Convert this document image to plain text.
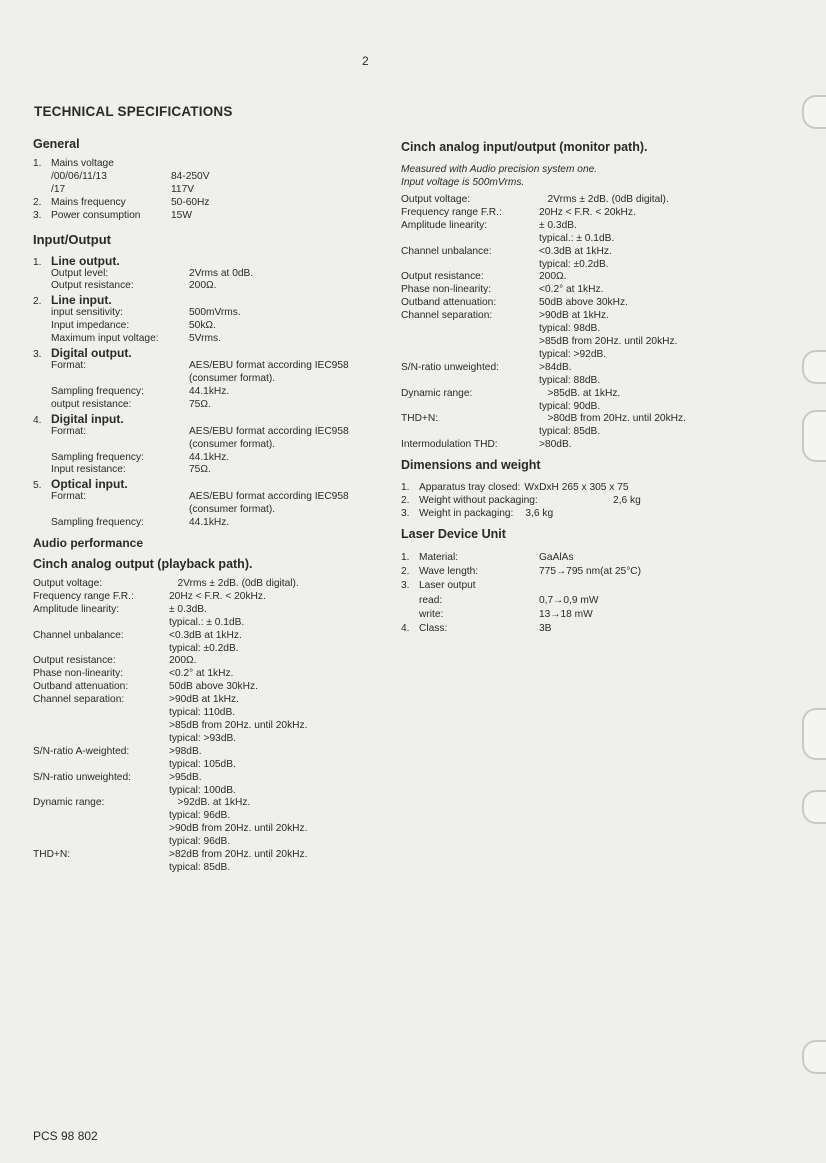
2
TECHNICAL SPECIFICATIONS
General
1. Mains voltage
/00/06/11/13	84-250V
/17	117V
2. Mains frequency	50-60Hz
3. Power consumption	15W
Input/Output
1. Line output.
Output level:	2Vrms at 0dB.
Output resistance:	200Ω.
2. Line input.
input sensitivity:	500mVrms.
Input impedance:	50kΩ.
Maximum input voltage:	5Vrms.
3. Digital output.
Format:	AES/EBU format according IEC958
(consumer format).
Sampling frequency:	44.1kHz.
output resistance:	75Ω.
4. Digital input.
Format:	AES/EBU format according IEC958
(consumer format).
Sampling frequency:	44.1kHz.
Input resistance:	75Ω.
5. Optical input.
Format:	AES/EBU format according IEC958
(consumer format).
Sampling frequency:	44.1kHz.
Audio performance
Cinch analog output (playback path).
Output voltage:	2Vrms ± 2dB. (0dB digital).
Frequency range F.R.:	20Hz < F.R. < 20kHz.
Amplitude linearity:	± 0.3dB.
typical.: ± 0.1dB.
Channel unbalance:	<0.3dB at 1kHz.
typical: ±0.2dB.
Output resistance:	200Ω.
Phase non-linearity:	<0.2° at 1kHz.
Outband attenuation:	50dB above 30kHz.
Channel separation:	>90dB at 1kHz.
typical: 110dB.
>85dB from 20Hz. until 20kHz.
typical: >93dB.
S/N-ratio A-weighted:	>98dB.
typical: 105dB.
S/N-ratio unweighted:	>95dB.
typical: 100dB.
Dynamic range:	>92dB. at 1kHz.
typical: 96dB.
>90dB from 20Hz. until 20kHz.
typical: 96dB.
THD+N:	>82dB from 20Hz. until 20kHz.
typical: 85dB.
Cinch analog input/output (monitor path).
Measured with Audio precision system one.
Input voltage is 500mVrms.
Output voltage:	2Vrms ± 2dB. (0dB digital).
Frequency range F.R.:	20Hz < F.R. < 20kHz.
Amplitude linearity:	± 0.3dB.
typical.: ± 0.1dB.
Channel unbalance:	<0.3dB at 1kHz.
typical: ±0.2dB.
Output resistance:	200Ω.
Phase non-linearity:	<0.2° at 1kHz.
Outband attenuation:	50dB above 30kHz.
Channel separation:	>90dB at 1kHz.
typical: 98dB.
>85dB from 20Hz. until 20kHz.
typical: >92dB.
S/N-ratio unweighted:	>84dB.
typical: 88dB.
Dynamic range:	>85dB. at 1kHz.
typical: 90dB.
THD+N:	>80dB from 20Hz. until 20kHz.
typical: 85dB.
Intermodulation THD:	>80dB.
Dimensions and weight
1. Apparatus tray closed: WxDxH 265 x 305 x 75
2. Weight without packaging:	2,6 kg
3. Weight in packaging:	3,6 kg
Laser Device Unit
1. Material:	GaAlAs
2. Wave length:	775→795 nm(at 25°C)
3. Laser output
read:	0,7→0,9 mW
write:	13→18 mW
4. Class:	3B
PCS 98 802
